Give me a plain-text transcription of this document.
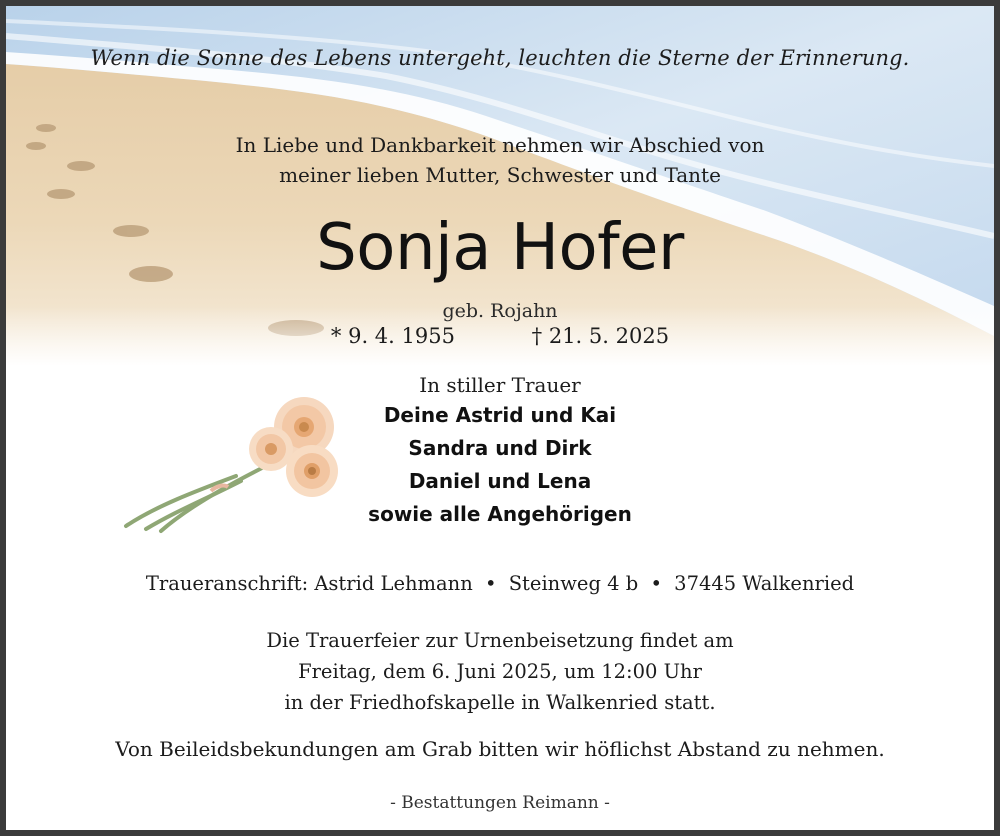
Wenn die Sonne des Lebens untergeht, leuchten die Sterne der Erinnerung.
In Liebe und Dankbarkeit nehmen wir Abschied von
meiner lieben Mutter, Schwester und Tante
Sonja Hofer
geb. Rojahn
* 9. 4. 1955	† 21. 5. 2025
In stiller Trauer
Deine Astrid und Kai
Sandra und Dirk
Daniel und Lena
sowie alle Angehörigen
Traueranschrift: Astrid Lehmann • Steinweg 4 b • 37445 Walkenried
Die Trauerfeier zur Urnenbeisetzung findet am
Freitag, dem 6. Juni 2025, um 12:00 Uhr
in der Friedhofskapelle in Walkenried statt.
Von Beileidsbekundungen am Grab bitten wir höflichst Abstand zu nehmen.
- Bestattungen Reimann -
